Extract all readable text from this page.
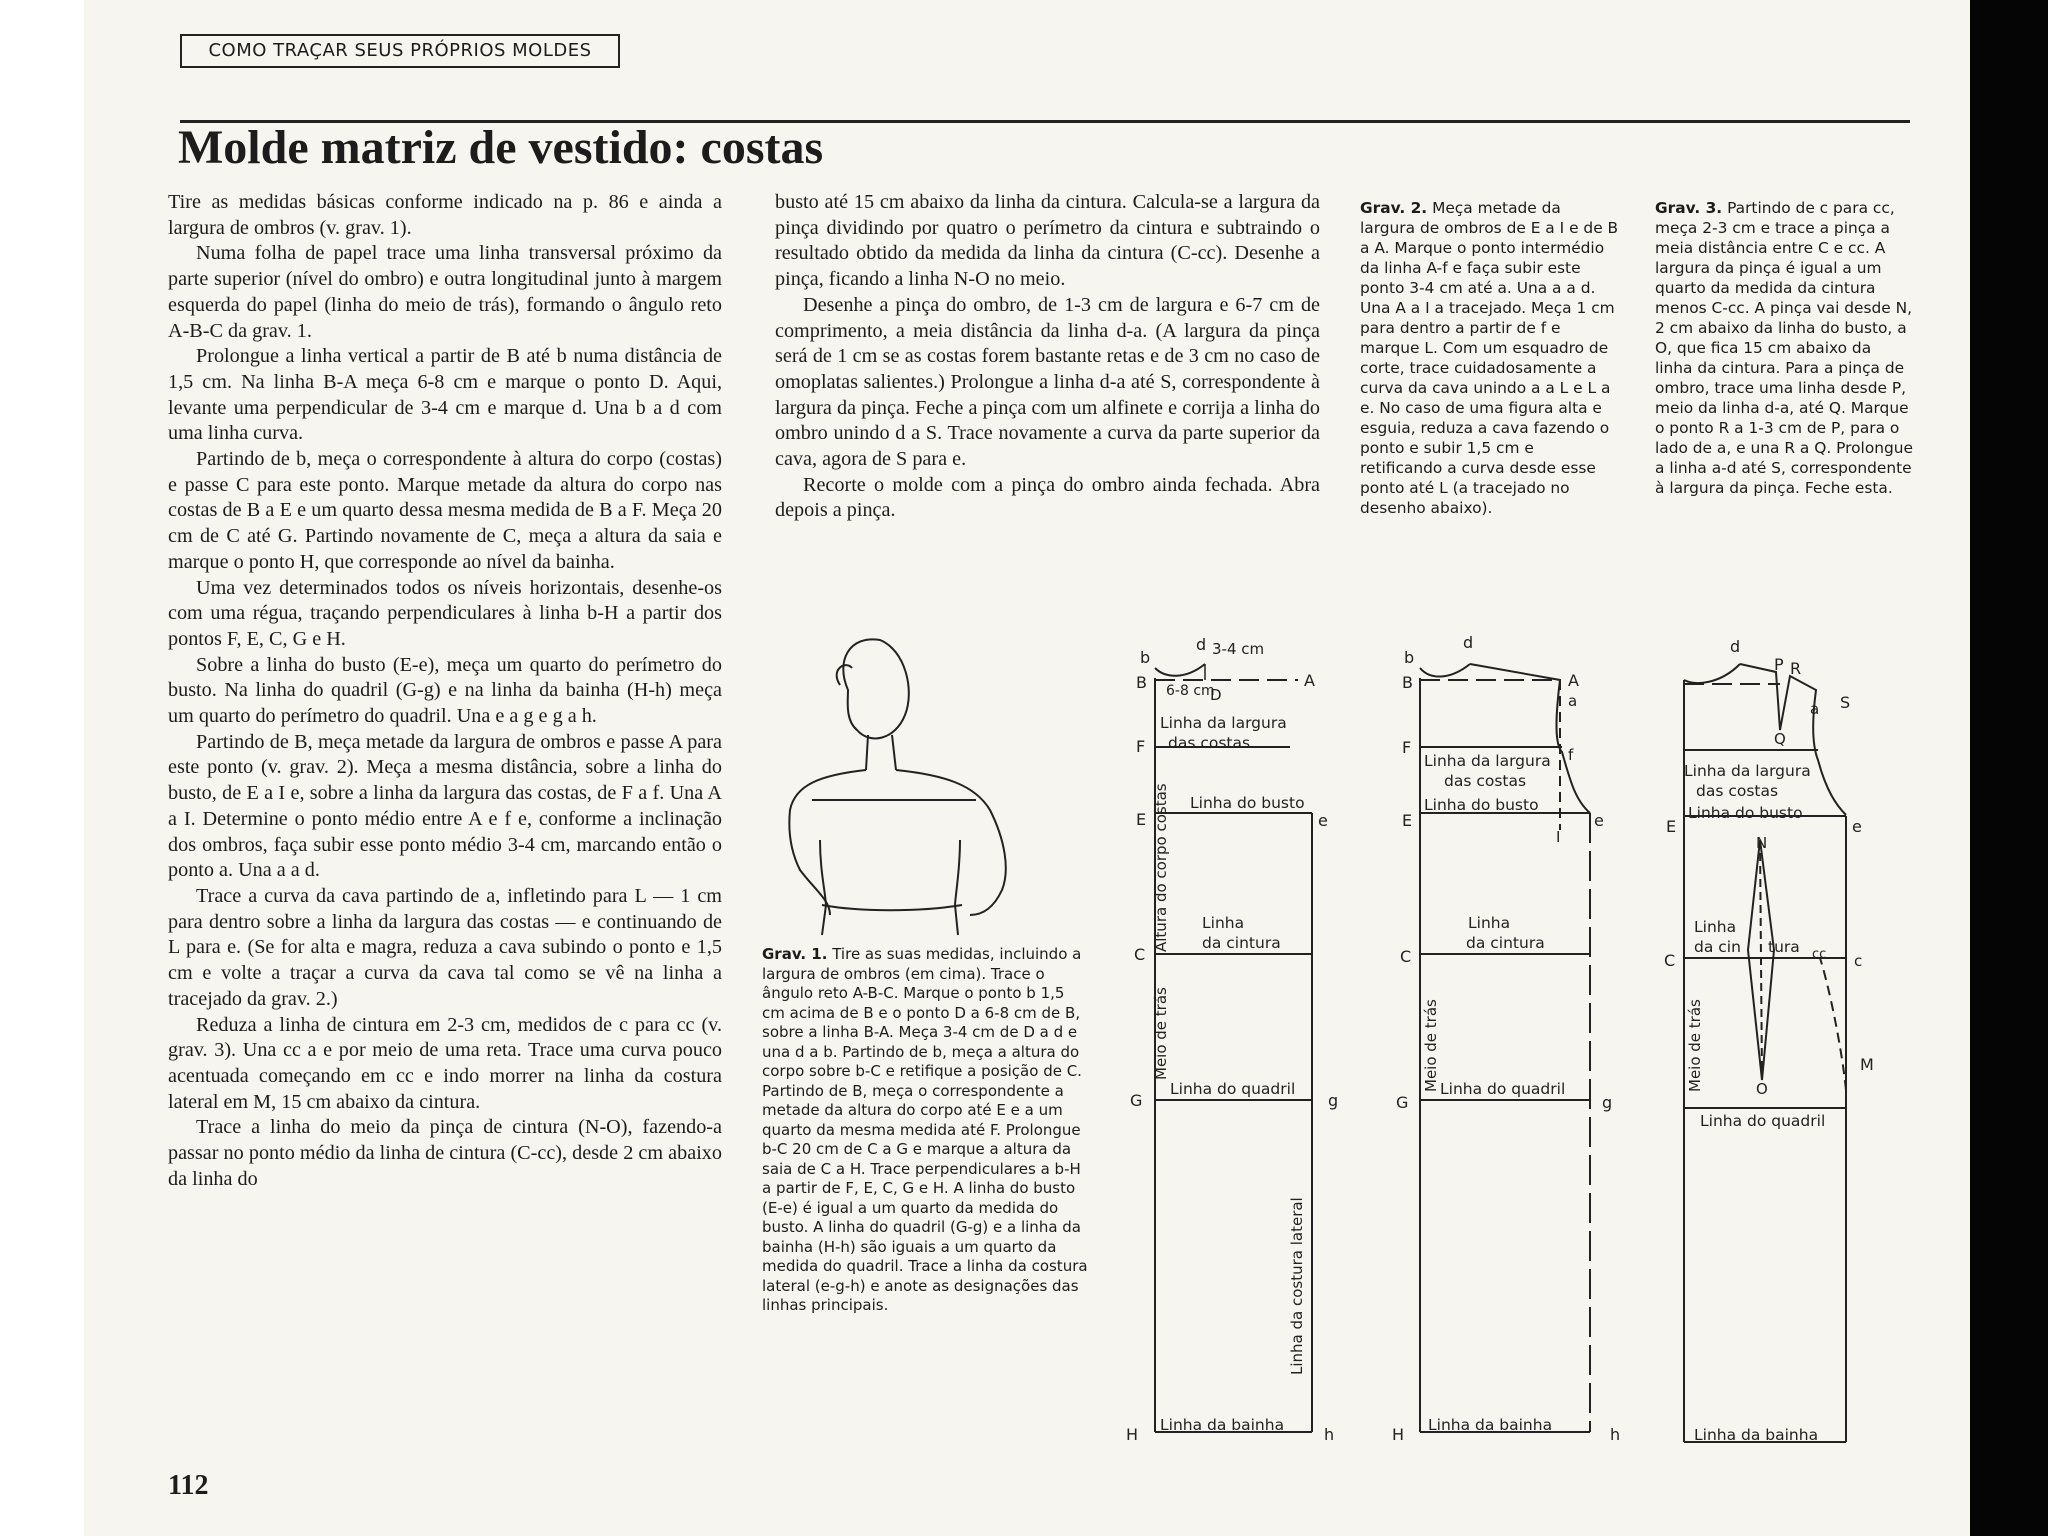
COMO TRAÇAR SEUS PRÓPRIOS MOLDES
Molde matriz de vestido: costas

Tire as medidas básicas conforme indicado na p. 86 e ainda a largura de ombros (v. grav. 1).

Numa folha de papel trace uma linha transversal próximo da parte superior (nível do ombro) e outra longitudinal junto à margem esquerda do papel (linha do meio de trás), formando o ângulo reto A-B-C da grav. 1.

Prolongue a linha vertical a partir de B até b numa distância de 1,5 cm. Na linha B-A meça 6-8 cm e marque o ponto D. Aqui, levante uma perpendicular de 3-4 cm e marque d. Una b a d com uma linha curva.

Partindo de b, meça o correspondente à altura do corpo (costas) e passe C para este ponto. Marque metade da altura do corpo nas costas de B a E e um quarto dessa mesma medida de B a F. Meça 20 cm de C até G. Partindo novamente de C, meça a altura da saia e marque o ponto H, que corresponde ao nível da bainha.

Uma vez determinados todos os níveis horizontais, desenhe-os com uma régua, traçando perpendiculares à linha b-H a partir dos pontos F, E, C, G e H.

Sobre a linha do busto (E-e), meça um quarto do perímetro do busto. Na linha do quadril (G-g) e na linha da bainha (H-h) meça um quarto do perímetro do quadril. Una e a g e g a h.

Partindo de B, meça metade da largura de ombros e passe A para este ponto (v. grav. 2). Meça a mesma distância, sobre a linha do busto, de E a I e, sobre a linha da largura das costas, de F a f. Una A a I. Determine o ponto médio entre A e f e, conforme a inclinação dos ombros, faça subir esse ponto médio 3-4 cm, marcando então o ponto a. Una a a d.

Trace a curva da cava partindo de a, infletindo para L — 1 cm para dentro sobre a linha da largura das costas — e continuando de L para e. (Se for alta e magra, reduza a cava subindo o ponto e 1,5 cm e volte a traçar a curva da cava tal como se vê na linha a tracejado da grav. 2.)

Reduza a linha de cintura em 2-3 cm, medidos de c para cc (v. grav. 3). Una cc a e por meio de uma reta. Trace uma curva pouco acentuada começando em cc e indo morrer na linha da costura lateral em M, 15 cm abaixo da cintura.

Trace a linha do meio da pinça de cintura (N-O), fazendo-a passar no ponto médio da linha de cintura (C-cc), desde 2 cm abaixo da linha do

busto até 15 cm abaixo da linha da cintura. Calcula-se a largura da pinça dividindo por quatro o perímetro da cintura e subtraindo o resultado obtido da medida da linha da cintura (C-cc). Desenhe a pinça, ficando a linha N-O no meio.

Desenhe a pinça do ombro, de 1-3 cm de largura e 6-7 cm de comprimento, a meia distância da linha d-a. (A largura da pinça será de 1 cm se as costas forem bastante retas e de 3 cm no caso de omoplatas salientes.) Prolongue a linha d-a até S, correspondente à largura da pinça. Feche a pinça com um alfinete e corrija a linha do ombro unindo d a S. Trace novamente a curva da parte superior da cava, agora de S para e.

Recorte o molde com a pinça do ombro ainda fechada. Abra depois a pinça.

Grav. 2. Meça metade da largura de ombros de E a I e de B a A. Marque o ponto intermédio da linha A-f e faça subir este ponto 3-4 cm até a. Una a a d. Una A a I a tracejado. Meça 1 cm para dentro a partir de f e marque L. Com um esquadro de corte, trace cuidadosamente a curva da cava unindo a a L e L a e. No caso de uma figura alta e esguia, reduza a cava fazendo o ponto e subir 1,5 cm e retificando a curva desde esse ponto até L (a tracejado no desenho abaixo).
Grav. 3. Partindo de c para cc, meça 2-3 cm e trace a pinça a meia distância entre C e cc. A largura da pinça é igual a um quarto da medida da cintura menos C-cc. A pinça vai desde N, 2 cm abaixo da linha do busto, a O, que fica 15 cm abaixo da linha da cintura. Para a pinça de ombro, trace uma linha desde P, meio da linha d-a, até Q. Marque o ponto R a 1-3 cm de P, para o lado de a, e una R a Q. Prolongue a linha a-d até S, correspondente à largura da pinça. Feche esta.
Grav. 1. Tire as suas medidas, incluindo a largura de ombros (em cima). Trace o ângulo reto A-B-C. Marque o ponto b 1,5 cm acima de B e o ponto D a 6-8 cm de B, sobre a linha B-A. Meça 3-4 cm de D a d e una d a b. Partindo de b, meça a altura do corpo sobre b-C e retifique a posição de C. Partindo de B, meça o correspondente a metade da altura do corpo até E e a um quarto da mesma medida até F. Prolongue b-C 20 cm de C a G e marque a altura da saia de C a H. Trace perpendiculares a b-H a partir de F, E, C, G e H. A linha do busto (E-e) é igual a um quarto da medida do busto. A linha do quadril (G-g) e a linha da bainha (H-h) são iguais a um quarto da medida do quadril. Trace a linha da costura lateral (e-g-h) e anote as designações das linhas principais.
b
d 3-4 cm
B
D
6-8 cm
A
Linha da largura
das costas
F
Linha do busto
E	e
Linha
da cintura
C
Linha do quadril
G	g
Linha da bainha
H	h
Altura do corpo costas
Meio de trás
Linha da costura lateral
b
d
B	A
a
F	f
Linha da largura
das costas
Linha do busto
E	e
I
Linha
da cintura
C
Linha do quadril
G	g
Linha da bainha
H	h
Meio de trás
d
P R
a S
Q
Linha da largura
das costas
Linha do busto
E	e
N
Linha
da cin tura cc
C	c
M
O
Linha do quadril
Linha da bainha
Meio de trás
112
